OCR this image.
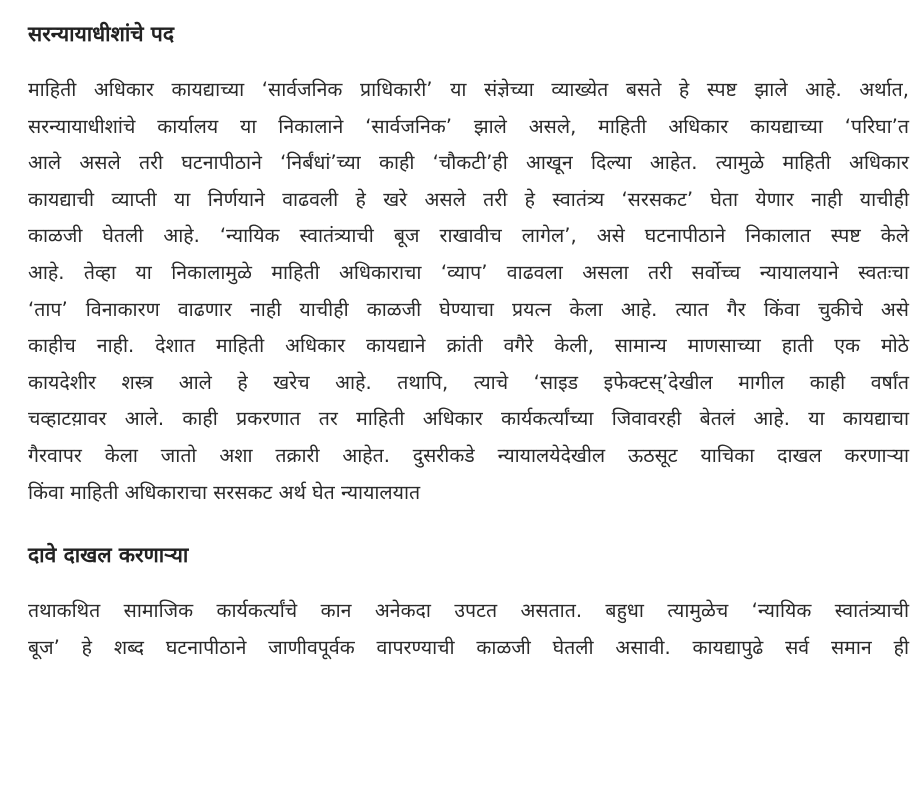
सरन्यायाधीशांचे पद

माहिती अधिकार कायद्याच्या ‘सार्वजनिक प्राधिकारी’ या संज्ञेच्या व्याख्येत बसते हे स्पष्ट झाले आहे. अर्थात,
सरन्यायाधीशांचे कार्यालय या निकालाने ‘सार्वजनिक’ झाले असले, माहिती अधिकार कायद्याच्या ‘परिघा’त
आले असले तरी घटनापीठाने ‘निर्बंधां’च्या काही ‘चौकटी’ही आखून दिल्या आहेत. त्यामुळे माहिती अधिकार
कायद्याची व्याप्ती या निर्णयाने वाढवली हे खरे असले तरी हे स्वातंत्र्य ‘सरसकट’ घेता येणार नाही याचीही
काळजी घेतली आहे. ‘न्यायिक स्वातंत्र्याची बूज राखावीच लागेल’, असे घटनापीठाने निकालात स्पष्ट केले
आहे. तेव्हा या निकालामुळे माहिती अधिकाराचा ‘व्याप’ वाढवला असला तरी सर्वोच्च न्यायालयाने स्वतःचा
‘ताप’ विनाकारण वाढणार नाही याचीही काळजी घेण्याचा प्रयत्न केला आहे. त्यात गैर किंवा चुकीचे असे
काहीच नाही. देशात माहिती अधिकार कायद्याने क्रांती वगैरे केली, सामान्य माणसाच्या हाती एक मोठे
कायदेशीर शस्त्र आले हे खरेच आहे. तथापि, त्याचे ‘साइड इफेक्टस्’देखील मागील काही वर्षांत
चव्हाटय़ावर आले. काही प्रकरणात तर माहिती अधिकार कार्यकर्त्यांच्या जिवावरही बेतलं आहे. या कायद्याचा
गैरवापर केला जातो अशा तक्रारी आहेत. दुसरीकडे न्यायालयेदेखील ऊठसूट याचिका दाखल करणाऱ्या
किंवा माहिती अधिकाराचा सरसकट अर्थ घेत न्यायालयात

दावे दाखल करणाऱ्या

तथाकथित सामाजिक कार्यकर्त्यांचे कान अनेकदा उपटत असतात. बहुधा त्यामुळेच ‘न्यायिक स्वातंत्र्याची
बूज’ हे शब्द घटनापीठाने जाणीवपूर्वक वापरण्याची काळजी घेतली असावी. कायद्यापुढे सर्व समान ही
